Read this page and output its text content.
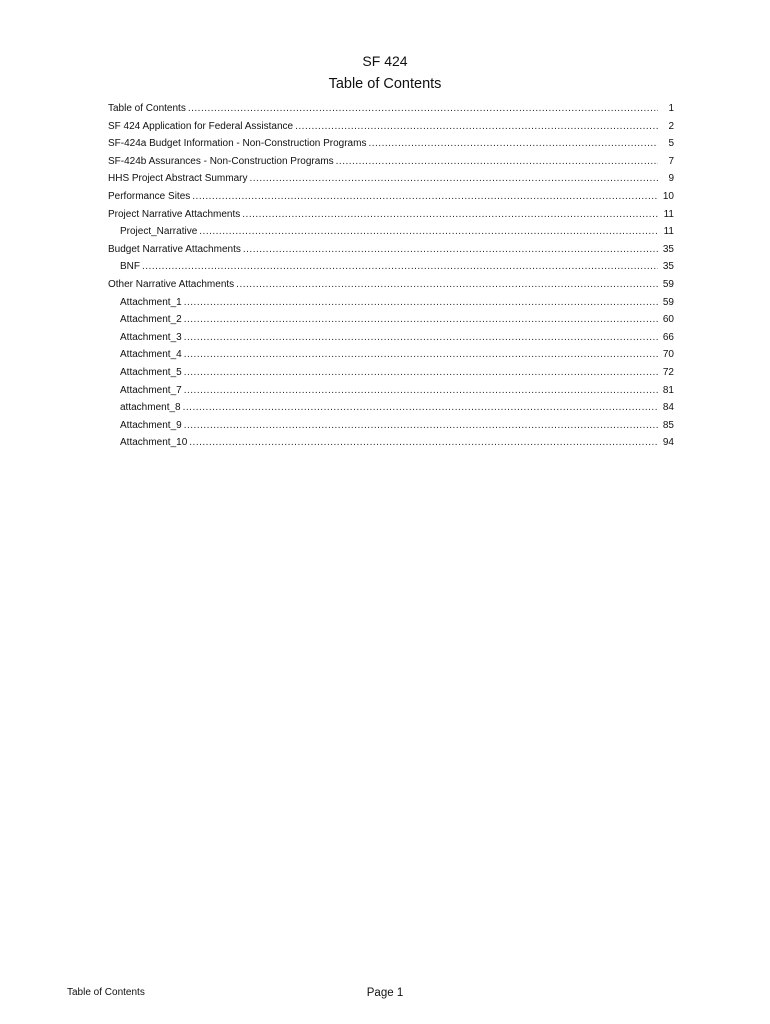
SF 424
Table of Contents
Table of Contents .....	1
SF 424 Application for Federal Assistance .....	2
SF-424a Budget Information - Non-Construction Programs .....	5
SF-424b Assurances - Non-Construction Programs .....	7
HHS Project Abstract Summary .....	9
Performance Sites .....	10
Project Narrative Attachments .....	11
Project_Narrative .....	11
Budget Narrative Attachments .....	35
BNF .....	35
Other Narrative Attachments .....	59
Attachment_1 .....	59
Attachment_2 .....	60
Attachment_3 .....	66
Attachment_4 .....	70
Attachment_5 .....	72
Attachment_7 .....	81
attachment_8 .....	84
Attachment_9 .....	85
Attachment_10 .....	94
Table of Contents	Page 1
